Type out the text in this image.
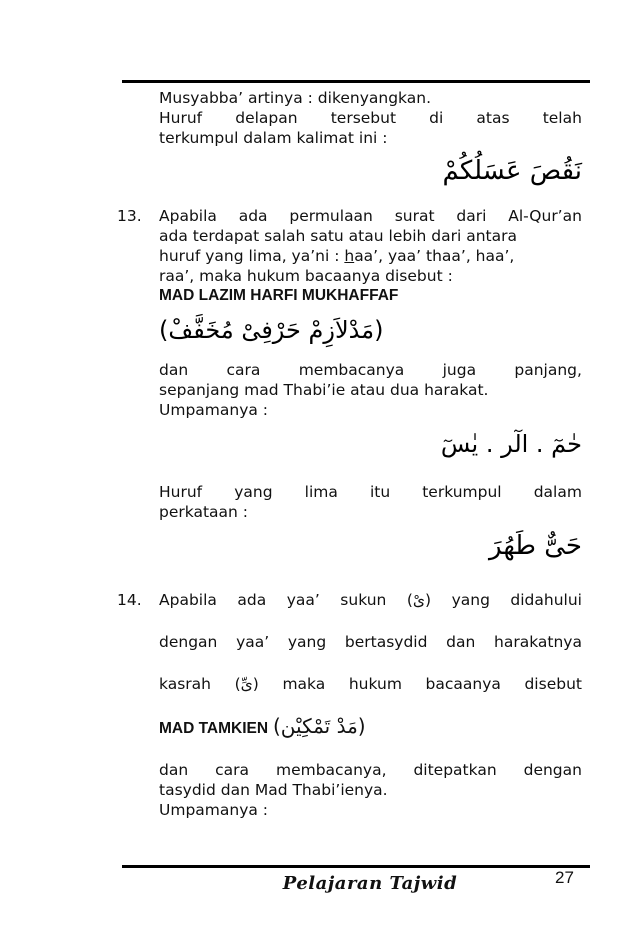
Musyabba’ artinya : dikenyangkan.
Huruf delapan tersebut di atas telah
terkumpul dalam kalimat ini :
نَقُصَ عَسَلُكُمْ
13. Apabila ada permulaan surat dari Al-Qur’an
ada terdapat salah satu atau lebih dari antara
huruf yang lima, ya’ni : haa’, yaa’ thaa’, haa’,
raa’, maka hukum bacaanya disebut :
MAD LAZIM HARFI MUKHAFFAF
(مَدْلاَزِمْ حَرْفِىْ مُخَفَّفْ)
dan cara membacanya juga panjang,
sepanjang mad Thabi’ie atau dua harakat.
Umpamanya :
حٰمٓ . الٓر . يٰسٓ
Huruf yang lima itu terkumpul dalam
perkataan :
حَىٌّ طَهُرَ
14. Apabila ada yaa’ sukun (ىْ) yang didahului
dengan yaa’ yang bertasydid dan harakatnya
kasrah (ىِّ) maka hukum bacaanya disebut
MAD TAMKIEN (مَدْ تَمْكِيْن)
dan cara membacanya, ditepatkan dengan
tasydid dan Mad Thabi’ienya.
Umpamanya :
Pelajaran Tajwid	27
